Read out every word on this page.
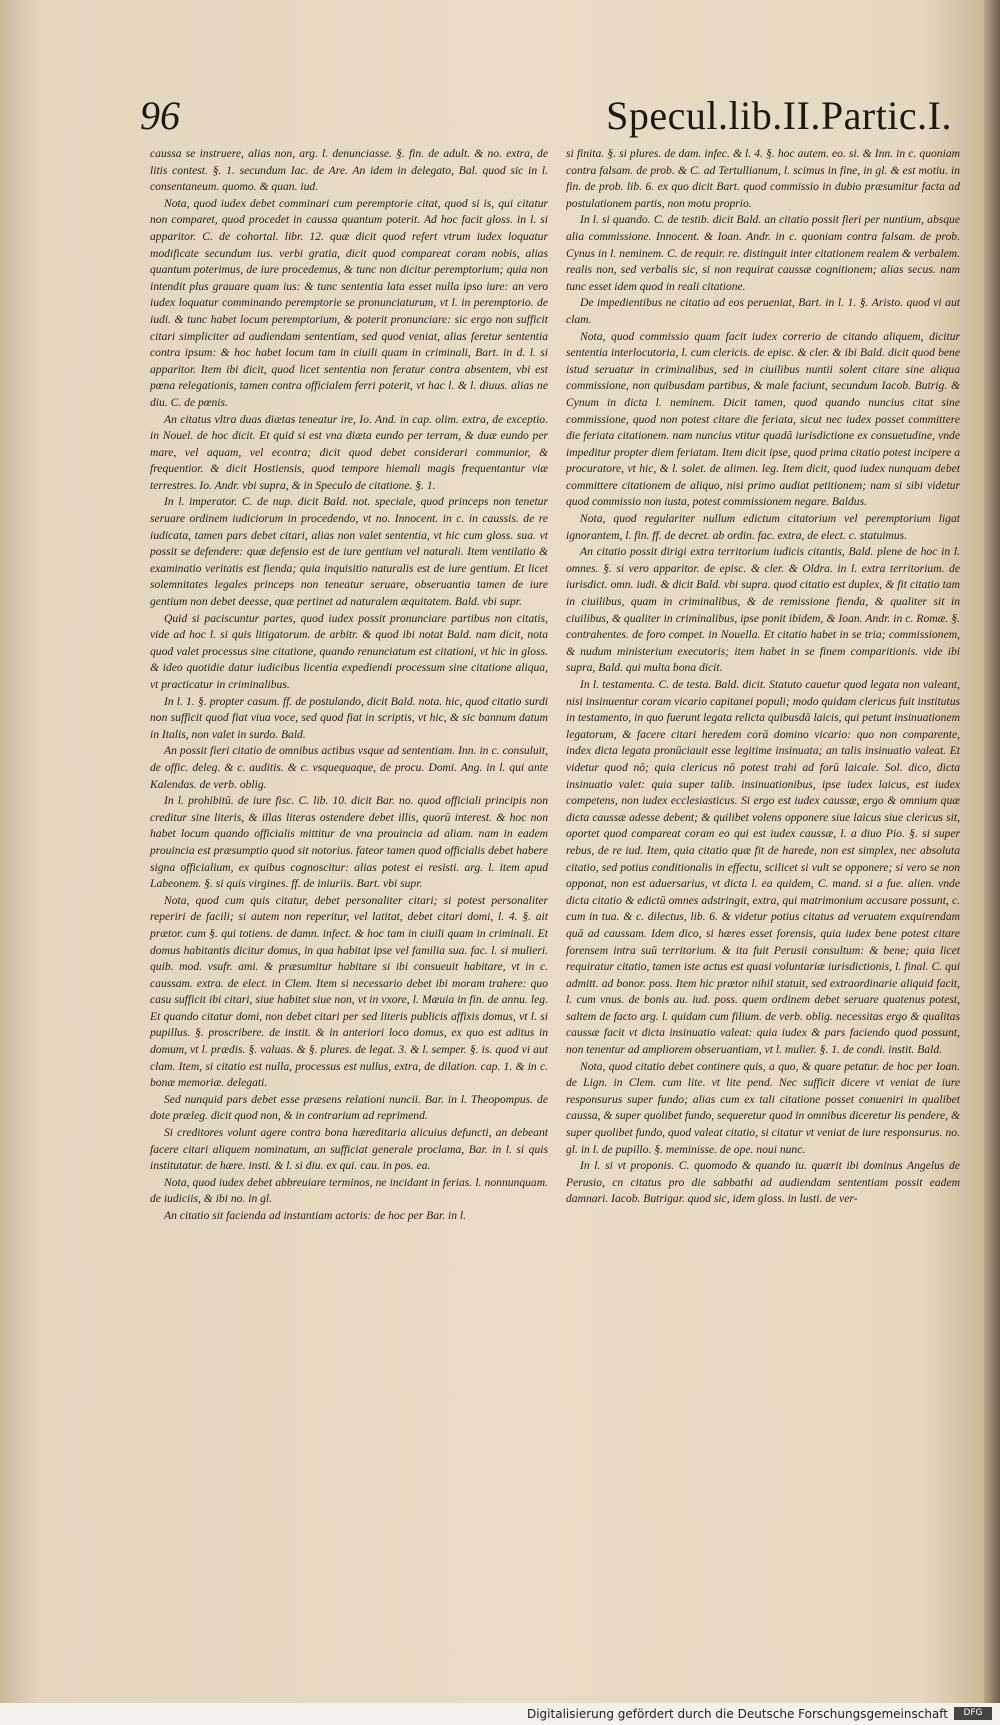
96	Specul.lib.II.Partic.I.

caussa se instruere, alias non, arg. l. denunciasse. §. fin. de adult. & no. extra, de litis contest. §. 1. secundum Iac. de Are. An idem in delegato, Bal. quod sic in l. consentaneum. quomo. & quan. iud.

Nota, quod iudex debet comminari cum peremptorie citat, quod si is, qui citatur non comparet, quod procedet in caussa quantum poterit. Ad hoc facit gloss. in l. si apparitor. C. de cohortal. libr. 12. quæ dicit quod refert vtrum iudex loquatur modificate secundum ius. verbi gratia, dicit quod compareat coram nobis, alias quantum poterimus, de iure procedemus, & tunc non dicitur peremptorium; quia non intendit plus grauare quam ius: & tunc sententia lata esset nulla ipso iure: an vero iudex loquatur comminando peremptorie se pronunciaturum, vt l. in peremptorio. de iudi. & tunc habet locum peremptorium, & poterit pronunciare: sic ergo non sufficit citari simpliciter ad audiendam sententiam, sed quod veniat, alias feretur sententia contra ipsum: & hoc habet locum tam in ciuili quam in criminali, Bart. in d. l. si apparitor. Item ibi dicit, quod licet sententia non feratur contra absentem, vbi est pœna relegationis, tamen contra officialem ferri poterit, vt hac l. & l. diuus. alias ne diu. C. de pœnis.

An citatus vltra duas diætas teneatur ire, Io. And. in cap. olim. extra, de exceptio. in Nouel. de hoc dicit. Et quid si est vna diæta eundo per terram, & duæ eundo per mare, vel aquam, vel econtra; dicit quod debet considerari communior, & frequentior. & dicit Hostiensis, quod tempore hiemali magis frequentantur viæ terrestres. Io. Andr. vbi supra, & in Speculo de citatione. §. 1.

In l. imperator. C. de nup. dicit Bald. not. speciale, quod princeps non tenetur seruare ordinem iudiciorum in procedendo, vt no. Innocent. in c. in caussis. de re iudicata, tamen pars debet citari, alias non valet sententia, vt hic cum gloss. sua. vt possit se defendere: quæ defensio est de iure gentium vel naturali. Item ventilatio & examinatio veritatis est fienda; quia inquisitio naturalis est de iure gentium. Et licet solemnitates legales princeps non teneatur seruare, obseruantia tamen de iure gentium non debet deesse, quæ pertinet ad naturalem æquitatem. Bald. vbi supr.

Quid si paciscuntur partes, quod iudex possit pronunciare partibus non citatis, vide ad hoc l. si quis litigatorum. de arbitr. & quod ibi notat Bald. nam dicit, nota quod valet processus sine citatione, quando renunciatum est citationi, vt hic in gloss. & ideo quotidie datur iudicibus licentia expediendi processum sine citatione aliqua, vt practicatur in criminalibus.

In l. 1. §. propter casum. ff. de postulando, dicit Bald. nota. hic, quod citatio surdi non sufficit quod fiat viua voce, sed quod fiat in scriptis, vt hic, & sic bannum datum in Italis, non valet in surdo. Bald.

An possit fieri citatio de omnibus actibus vsque ad sententiam. Inn. in c. consuluit, de offic. deleg. & c. auditis. & c. vsquequaque, de procu. Domi. Ang. in l. qui ante Kalendas. de verb. oblig.

In l. prohibitū. de iure fisc. C. lib. 10. dicit Bar. no. quod officiali principis non creditur sine literis, & illas literas ostendere debet illis, quorū interest. & hoc non habet locum quando officialis mittitur de vna prouincia ad aliam. nam in eadem prouincia est præsumptio quod sit notorius. fateor tamen quod officialis debet habere signa officialium, ex quibus cognoscitur: alias potest ei resisti. arg. l. item apud Labeonem. §. si quis virgines. ff. de iniuriis. Bart. vbi supr.

Nota, quod cum quis citatur, debet personaliter citari; si potest personaliter reperiri de facili; si autem non reperitur, vel latitat, debet citari domi, l. 4. §. ait prætor. cum §. qui totiens. de damn. infect. & hoc tam in ciuili quam in criminali. Et domus habitantis dicitur domus, in qua habitat ipse vel familia sua. fac. l. si mulieri. quib. mod. vsufr. ami. & præsumitur habitare si ibi consueuit habitare, vt in c. caussam. extra. de elect. in Clem. Item si necessario debet ibi moram trahere: quo casu sufficit ibi citari, siue habitet siue non, vt in vxore, l. Mæuia in fin. de annu. leg. Et quando citatur domi, non debet citari per sed literis publicis affixis domus, vt l. si pupillus. §. proscribere. de instit. & in anteriori loco domus, ex quo est aditus in domum, vt l. prædis. §. valuas. & §. plures. de legat. 3. & l. semper. §. is. quod vi aut clam. Item, si citatio est nulla, processus est nullus, extra, de dilation. cap. 1. & in c. bonæ memoriæ. delegati.

Sed nunquid pars debet esse præsens relationi nuncii. Bar. in l. Theopompus. de dote præleg. dicit quod non, & in contrarium ad reprimend.

Si creditores volunt agere contra bona hæreditaria alicuius defuncti, an debeant facere citari aliquem nominatum, an sufficiat generale proclama, Bar. in l. si quis institutatur. de hære. insti. & l. si diu. ex qui. cau. in pos. ea.

Nota, quod iudex debet abbreuiare terminos, ne incidant in ferias. l. nonnunquam. de iudiciis, & ibi no. in gl.

An citatio sit facienda ad instantiam actoris: de hoc per Bar. in l.

si finita. §. si plures. de dam. infec. & l. 4. §. hoc autem. eo. si. & Inn. in c. quoniam contra falsam. de prob. & C. ad Tertullianum, l. scimus in fine, in gl. & est motiu. in fin. de prob. lib. 6. ex quo dicit Bart. quod commissio in dubio præsumitur facta ad postulationem partis, non motu proprio.

In l. si quando. C. de testib. dicit Bald. an citatio possit fieri per nuntium, absque alia commissione. Innocent. & Ioan. Andr. in c. quoniam contra falsam. de prob. Cynus in l. neminem. C. de requir. re. distinguit inter citationem realem & verbalem. realis non, sed verbalis sic, si non requirat caussæ cognitionem; alias secus. nam tunc esset idem quod in reali citatione.

De impedientibus ne citatio ad eos perueniat, Bart. in l. 1. §. Aristo. quod vi aut clam.

Nota, quod commissio quam facit iudex correrio de citando aliquem, dicitur sententia interlocutoria, l. cum clericis. de episc. & cler. & ibi Bald. dicit quod bene istud seruatur in criminalibus, sed in ciuilibus nuntii solent citare sine aliqua commissione, non quibusdam partibus, & male faciunt, secundum Iacob. Butrig. & Cynum in dicta l. neminem. Dicit tamen, quod quando nuncius citat sine commissione, quod non potest citare die feriata, sicut nec iudex posset committere die feriata citationem. nam nuncius vtitur quadā iurisdictione ex consuetudine, vnde impeditur propter diem feriatam. Item dicit ipse, quod prima citatio potest incipere a procuratore, vt hic, & l. solet. de alimen. leg. Item dicit, quod iudex nunquam debet committere citationem de aliquo, nisi primo audiat petitionem; nam si sibi videtur quod commissio non iusta, potest commissionem negare. Baldus.

Nota, quod regulariter nullum edictum citatorium vel peremptorium ligat ignorantem, l. fin. ff. de decret. ab ordin. fac. extra, de elect. c. statuimus.

An citatio possit dirigi extra territorium iudicis citantis, Bald. plene de hoc in l. omnes. §. si vero apparitor. de episc. & cler. & Oldra. in l. extra territorium. de iurisdict. omn. iudi. & dicit Bald. vbi supra. quod citatio est duplex, & fit citatio tam in ciuilibus, quam in criminalibus, & de remissione fienda, & qualiter sit in ciuilibus, & qualiter in criminalibus, ipse ponit ibidem, & Ioan. Andr. in c. Romæ. §. contrahentes. de foro compet. in Nouella. Et citatio habet in se tria; commissionem, & nudum ministerium executoris; item habet in se finem comparitionis. vide ibi supra, Bald. qui multa bona dicit.

In l. testamenta. C. de testa. Bald. dicit. Statuto cauetur quod legata non valeant, nisi insinuentur coram vicario capitanei populi; modo quidam clericus fuit institutus in testamento, in quo fuerunt legata relicta quibusdā laicis, qui petunt insinuationem legatorum, & facere citari heredem corā domino vicario: quo non comparente, index dicta legata pronūciauit esse legitime insinuata; an talis insinuatio valeat. Et videtur quod nō; quia clericus nō potest trahi ad forū laicale. Sol. dico, dicta insinuatio valet: quia super talib. insinuationibus, ipse iudex laicus, est iudex competens, non iudex ecclesiasticus. Si ergo est iudex caussæ, ergo & omnium quæ dicta caussæ adesse debent; & quilibet volens opponere siue laicus siue clericus sit, oportet quod compareat coram eo qui est iudex caussæ, l. a diuo Pio. §. si super rebus, de re iud. Item, quia citatio quæ fit de harede, non est simplex, nec absoluta citatio, sed potius conditionalis in effectu, scilicet si vult se opponere; si vero se non opponat, non est aduersarius, vt dicta l. ea quidem, C. mand. si a fue. alien. vnde dicta citatio & edictū omnes adstringit, extra, qui matrimonium accusare possunt, c. cum in tua. & c. dilectus, lib. 6. & videtur potius citatus ad veruatem exquirendam quā ad caussam. Idem dico, si hæres esset forensis, quia iudex bene potest citare forensem intra suū territorium. & ita fuit Perusii consultum: & bene; quia licet requiratur citatio, tamen iste actus est quasi voluntariæ iurisdictionis, l. final. C. qui admitt. ad bonor. poss. Item hic prætor nihil statuit, sed extraordinarie aliquid facit, l. cum vnus. de bonis au. iud. poss. quem ordinem debet seruare quatenus potest, saltem de facto arg. l. quidam cum filium. de verb. oblig. necessitas ergo & qualitas caussæ facit vt dicta insinuatio valeat: quia iudex & pars faciendo quod possunt, non tenentur ad ampliorem obseruantiam, vt l. mulier. §. 1. de condi. instit. Bald.

Nota, quod citatio debet continere quis, a quo, & quare petatur. de hoc per Ioan. de Lign. in Clem. cum lite. vt lite pend. Nec sufficit dicere vt veniat de iure responsurus super fundo; alias cum ex tali citatione posset conueniri in qualibet caussa, & super quolibet fundo, sequeretur quod in omnibus diceretur lis pendere, & super quolibet fundo, quod valeat citatio, si citatur vt veniat de iure responsurus. no. gl. in l. de pupillo. §. meminisse. de ope. noui nunc.

In l. si vt proponis. C. quomodo & quando iu. quærit ibi dominus Angelus de Perusio, cn citatus pro die sabbathi ad audiendam sententiam possit eadem damnari. Iacob. Butrigar. quod sic, idem gloss. in lusti. de ver-

Digitalisierung gefördert durch die Deutsche Forschungsgemeinschaft	DFG
